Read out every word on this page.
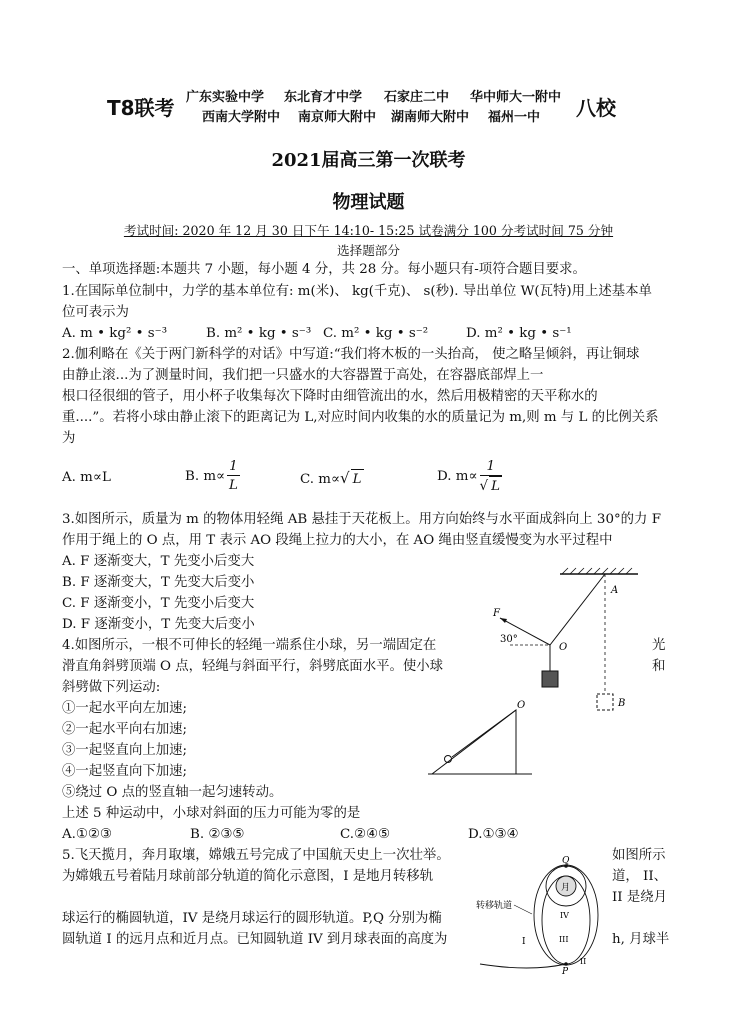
T8联考 广东实验中学 东北育才中学 石家庄二中 华中师大一附中
西南大学附中 南京师大附中 湖南师大附中 福州一中 八校
2021届高三第一次联考
物理试题
考试时间: 2020 年 12 月 30 日下午 14:10- 15:25 试卷满分 100 分考试时间 75 分钟
选择题部分
一、单项选择题:本题共 7 小题，每小题 4 分，共 28 分。每小题只有-项符合题目要求。
1.在国际单位制中，力学的基本单位有: m(米)、 kg(千克)、 s(秒). 导出单位 W(瓦特)用上述基本单
位可表示为
A. m • kg² • s⁻³	B. m² • kg • s⁻³ C. m² • kg • s⁻²	D. m² • kg • s⁻¹
2.伽利略在《关于两门新科学的对话》中写道:“我们将木板的一头抬高， 使之略呈倾斜，再让铜球
由静止滚...为了测量时间，我们把一只盛水的大容器置于高处，在容器底部焊上一
根口径很细的管子，用小杯子收集每次下降时由细管流出的水，然后用极精密的天平称水的
重....”。若将小球由静止滚下的距离记为 L,对应时间内收集的水的质量记为 m,则 m 与 L 的比例关系
为
A. m∝L	B. $m\propto \frac{1}{L}$	C. m∝√ L	D. $m\propto \frac{1}{√ L}$
3.如图所示，质量为 m 的物体用轻绳 AB 悬挂于天花板上。用方向始终与水平面成斜向上 30°的力 F
作用于绳上的 O 点，用 T 表示 AO 段绳上拉力的大小，在 AO 绳由竖直缓慢变为水平过程中
A. F 逐渐变大，T 先变小后变大
B. F 逐渐变大，T 先变大后变小
C. F 逐渐变小，T 先变小后变大
D. F 逐渐变小，T 先变大后变小
A
F
30°
O
B
4.如图所示，一根不可伸长的轻绳一端系住小球，另一端固定在	光
滑直角斜劈顶端 O 点，轻绳与斜面平行，斜劈底面水平。使小球	和
斜劈做下列运动:
①一起水平向左加速;
②一起水平向右加速;
③一起竖直向上加速;
④一起竖直向下加速;
⑤绕过 O 点的竖直轴一起匀速转动。
上述 5 种运动中，小球对斜面的压力可能为零的是
A.①②③	B. ②③⑤	C.②④⑤	D.①③④
O
5.飞天揽月，奔月取壤，嫦娥五号完成了中国航天史上一次壮举。	如图所示
为嫦娥五号着陆月球前部分轨道的简化示意图，I 是地月转移轨	道， II、
II 是绕月
球运行的椭圆轨道，IV 是绕月球运行的圆形轨道。P,Q 分别为椭
圆轨道 I 的远月点和近月点。已知圆轨道 IV 到月球表面的高度为	h, 月球半
Q
月
IV
III
II
I
P
转移轨道
